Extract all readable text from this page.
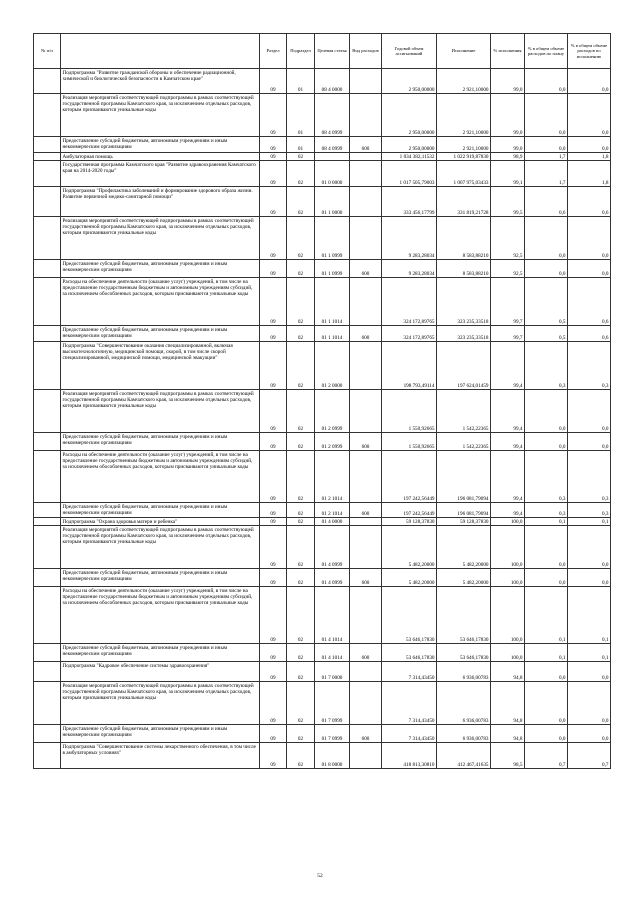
№ п/п		Раздел	Подраздел	Целевая статья	Вид расходов	Годовой объем ассигнований	Исполнение	% исполнения	% в общем объеме расходов по плану	% в общем объеме расходов по исполнению
	Подпрограмма "Развитие гражданской обороны и обеспечение радиационной, химической и биологической безопасности в Камчатском крае"	09	01	08 4 0000		2 950,00000	2 921,10000	99,0	0,0	0,0
	Реализация мероприятий соответствующей подпрограммы в рамках соответствующей государственной программы Камчатского края, за исключением отдельных расходов, которым присваиваются уникальные коды	09	01	08 4 0999		2 950,00000	2 921,10000	99,0	0,0	0,0
	Предоставление субсидий бюджетным, автономным учреждениям и иным некоммерческим организациям	09	01	08 4 0999	600	2 950,00000	2 921,10000	99,0	0,0	0,0
	Амбулаторная помощь	09	02			1 034 382,11532	1 022 919,87830	98,9	1,7	1,8
	Государственная программа Камчатского края "Развитие здравоохранения Камчатского края на 2014-2020 годы"	09	02	01 0 0000		1 017 505,79003	1 007 975,03433	99,1	1,7	1,8
	Подпрограмма "Профилактика заболеваний и формирование здорового образа жизни. Развитие первичной медико-санитарной помощи"	09	02	01 1 0000		333 456,17799	331 819,21728	99,5	0,6	0,6
	Реализация мероприятий соответствующей подпрограммы в рамках соответствующей государственной программы Камчатского края, за исключением отдельных расходов, которым присваиваются уникальные коды	09	02	01 1 0999		9 283,28034	8 583,88210	92,5	0,0	0,0
	Предоставление субсидий бюджетным, автономным учреждениям и иным некоммерческим организациям	09	02	01 1 0999	600	9 283,28034	8 583,88210	92,5	0,0	0,0
	Расходы на обеспечение деятельности (оказание услуг) учреждений, в том числе на предоставление государственным бюджетным и автономным учреждениям субсидий, за исключением обособленных расходов, которым присваиваются уникальные коды	09	02	01 1 1014		324 172,89765	323 235,33518	99,7	0,5	0,6
	Предоставление субсидий бюджетным, автономным учреждениям и иным некоммерческим организациям	09	02	01 1 1014	600	324 172,89765	323 235,33518	99,7	0,5	0,6
	Подпрограмма "Совершенствование оказания специализированной, включая высокотехнологичную, медицинской помощи, скорой, в том числе скорой специализированной, медицинской помощи, медицинской эвакуации"	09	02	01 2 0000		198 793,49114	197 624,01459	99,4	0,3	0,3
	Реализация мероприятий соответствующей подпрограммы в рамках соответствующей государственной программы Камчатского края, за исключением отдельных расходов, которым присваиваются уникальные коды	09	02	01 2 0999		1 550,92665	1 542,22365	99,4	0,0	0,0
	Предоставление субсидий бюджетным, автономным учреждениям и иным некоммерческим организациям	09	02	01 2 0999	600	1 550,92665	1 542,22365	99,4	0,0	0,0
	Расходы на обеспечение деятельности (оказание услуг) учреждений, в том числе на предоставление государственным бюджетным и автономным учреждениям субсидий, за исключением обособленных расходов, которым присваиваются уникальные коды	09	02	01 2 1014		197 242,56449	196 081,79094	99,4	0,3	0,3
	Предоставление субсидий бюджетным, автономным учреждениям и иным некоммерческим организациям	09	02	01 2 1014	600	197 242,56449	196 081,79094	99,4	0,3	0,3
	Подпрограмма "Охрана здоровья матери и ребенка"	09	02	01 4 0000		59 128,37830	59 128,37830	100,0	0,1	0,1
	Реализация мероприятий соответствующей подпрограммы в рамках соответствующей государственной программы Камчатского края, за исключением отдельных расходов, которым присваиваются уникальные коды	09	02	01 4 0999		5 482,20000	5 482,20000	100,0	0,0	0,0
	Предоставление субсидий бюджетным, автономным учреждениям и иным некоммерческим организациям	09	02	01 4 0999	600	5 482,20000	5 482,20000	100,0	0,0	0,0
	Расходы на обеспечение деятельности (оказание услуг) учреждений, в том числе на предоставление государственным бюджетным и автономным учреждениям субсидий, за исключением обособленных расходов, которым присваиваются уникальные коды	09	02	01 4 1014		53 646,17830	53 646,17830	100,0	0,1	0,1
	Предоставление субсидий бюджетным, автономным учреждениям и иным некоммерческим организациям	09	02	01 4 1014	600	53 646,17830	53 646,17830	100,0	0,1	0,1
	Подпрограмма "Кадровое обеспечение системы здравоохранения"	09	02	01 7 0000		7 314,43450	6 936,00783	94,8	0,0	0,0
	Реализация мероприятий соответствующей подпрограммы в рамках соответствующей государственной программы Камчатского края, за исключением отдельных расходов, которым присваиваются уникальные коды	09	02	01 7 0999		7 314,43450	6 936,00783	94,8	0,0	0,0
	Предоставление субсидий бюджетным, автономным учреждениям и иным некоммерческим организациям	09	02	01 7 0999	600	7 314,43450	6 936,00783	94,8	0,0	0,0
	Подпрограмма "Совершенствование системы лекарственного обеспечения, в том числе в амбулаторных условиях"	09	02	01 8 0000		418 813,30810	412 467,41635	98,5	0,7	0,7
52
